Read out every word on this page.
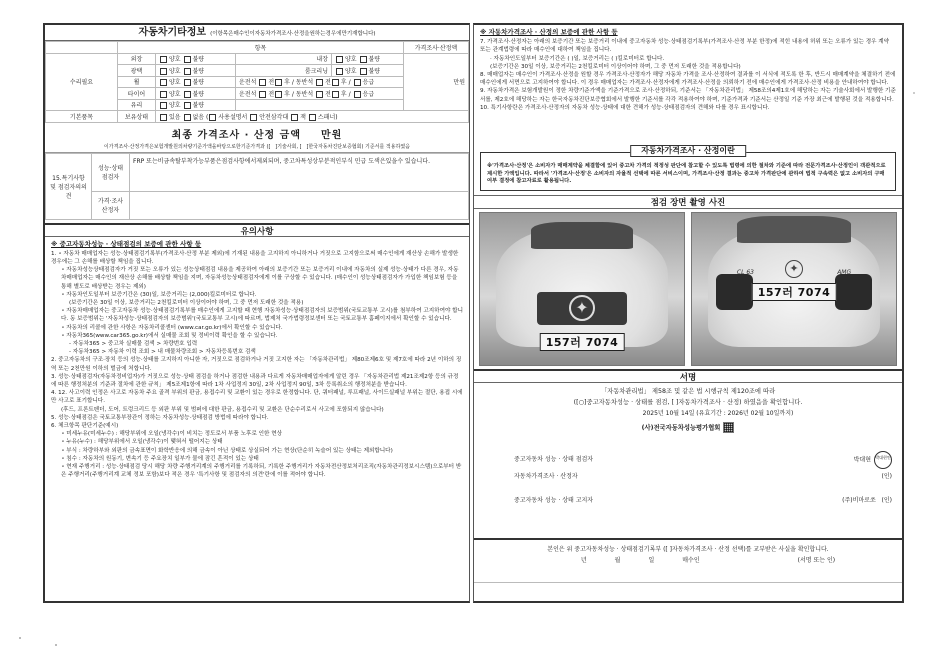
자동차기타정보 (이항목은매수인이자동차가격조사·산정을원하는경우에만기재합니다)
	항목				가격조사·산정액
수리필요	외장	양호 불량	내장	양호 불량	만원
	광택	양호 불량	룸크리닝	양호 불량	
	휠	양호 불량	운전석 전 후 / 동반석 전 후 / 응급		
	타이어	양호 불량	운전석 전 후 / 동반석 전 후 / 응급		
	유리	양호 불량			
기본품목	보유상태	있음 없음 ( 사용설명서 안전삼각대 잭 스패너)			
최종 가격조사 · 산정 금액 만원
이가격조사·산정가격은보험개발원의차량기준가액을바탕으로한기준가격과 ([ ]기술사회, [ ]한국자동차진단보증협회) 기준서를 적용하였음
15.특기사항 및 점검자의의견	성능·상태 점검자	FRP 또는비금속탈부착가능부품은점검사항에서제외되며, 중고차특성상부분적인부식 민급 도색은있을수 있습니다.
	가격·조사 산정자	
유의사항
※ 중고자동차성능 · 상태점검의 보증에 관한 사항 등

1. ∘ 자동차 매매업자는 성능·상태점검기록부(가격조사·산정 부분 제외)에 기재된 내용을 고지하지 아니하거나 거짓으로 고지함으로써 매수인에게 재산상 손해가 발생한 경우에는 그 손해를 배상할 책임을 집니다.

∘ 자동차성능상태점검자가 거짓 또는 오류가 있는 성능상태점검 내용을 제공하여 아래의 보증기간 또는 보증거리 이내에 자동차의 실제 성능·상태가 다른 경우, 자동차매매업자는 매수인의 재산상 손해를 배상할 책임을 지며, 자동차성능상태점검자에게 이를 구상할 수 있습니다. (매수인이 성능상태점검자가 가입한 책임보험 등을 통해 별도로 배상받는 경우는 제외)

∘ 자동차인도일부터 보증기간은 (30)일, 보증거리는 (2,000)킬로미터로 합니다.

(보증기간은 30일 이상, 보증거리는 2천킬로미터 이상이어야 하며, 그 중 먼저 도래한 것을 적용)

∘ 자동차매매업자는 중고자동차 성능·상태점검기록부를 매수인에게 고지할 때 현행 자동차성능·상태점검자의 보증범위(국토교통부 고시)를 첨부하여 고지하여야 합니다. 동 보증범위는 '자동차성능·상태점검자의 보증범위'(국토교통부 고시)에 따르며, 법제처 국가법령정보센터 또는 국토교통부 홈페이지에서 확인할 수 있습니다.

∘ 자동차의 리콜에 관한 사항은 자동차리콜센터 (www.car.go.kr)에서 확인할 수 있습니다.

∘ 자동차365(www.car365.go.kr)에서 실매물 조회 및 정비이력 확인을 할 수 있습니다.

- 자동차365 > 중고차 실매물 검색 > 차량번호 입력

- 자동차365 > 자동차 이력 조회 > 내 매물차량조회 > 자동차등록번호 검색

2. 중고자동차의 구조·장치 등의 성능·상태를 고지하지 아니한 자, 거짓으로 점검하거나 거짓 고지한 자는 「자동차관리법」 제80조제6호 및 제7호에 따라 2년 이하의 징역 또는 2천만원 이하의 벌금에 처합니다.

3. 성능·상태점검자(자동차정비업자)가 거짓으로 성능·상태 점검을 하거나 점검한 내용과 다르게 자동차매매업자에게 알린 경우 「자동차관리법 제21조제2항 등의 규정에 따른 행정처분의 기준과 절차에 관한 규칙」 제5조제1항에 따라 1차 사업정지 30일, 2차 사업정지 90일, 3차 등록취소의 행정처분을 받습니다.

4. 12. 사고이력 인정은 사고로 자동차 주요 골격 부위의 판금, 용접수리 및 교환이 있는 경우로 한정합니다. 단, 쿼터패널, 루프패널, 사이드실패널 부위는 절단, 용접 시에만 사고로 표기합니다.

(후드, 프론트펜더, 도어, 트렁크리드 등 외판 부위 및 범퍼에 대한 판금, 용접수리 및 교환은 단순수리로서 사고에 포함되지 않습니다)

5. 성능·상태점검은 국토교통부장관이 정하는 자동차성능·상태점검 방법에 따라야 합니다.

6. 체크항목 판단기준(예시)

∘ 미세누유(미세누수) : 해당부위에 오일(냉각수)이 비치는 정도로서 부품 노후로 인한 현상

∘ 누유(누수) : 해당부위에서 오일(냉각수)이 맺혀서 떨어지는 상태

∘ 부식 : 차량하부와 외판의 금속표면이 화학반응에 의해 금속이 아닌 상태로 상실되어 가는 현상(단순히 녹슬어 있는 상태는 제외합니다)

∘ 침수 : 자동차의 원동기, 변속기 등 주요장치 일부가 물에 잠긴 흔적이 있는 상태

∘ 현재 주행거리 : 성능·상태점검 당시 해당 차량 주행거리계의 주행거리를 기록하되, 기록한 주행거리가 자동차전산정보처리조직(자동차관리정보시스템)으로부터 받은 주행거리(주행거리계 교체 정보 포함)보다 적은 경우 '특기사항 및 점검자의 의견'란에 이를 적어야 합니다.

※ 자동차가격조사 · 산정의 보증에 관한 사항 등

7. 가격조사·산정자는 아래의 보증기간 또는 보증거리 이내에 중고자동차 성능·상태점검기록부(가격조사·산정 부분 한정)에 적힌 내용에 허위 또는 오류가 있는 경우 계약 또는 관계법령에 따라 매수인에 대하여 책임을 집니다.

· 자동차인도일부터 보증기간은 ( )일, 보증거리는 ( )킬로미터로 합니다.

(보증기간은 30일 이상, 보증거리는 2천킬로미터 이상이어야 하며, 그 중 먼저 도래한 것을 적용합니다)

8. 매매업자는 매수인이 가격조사·산정을 원할 경우 가격조사·산정자가 해당 자동차 가격을 조사·산정하여 결과를 이 서식에 적도록 한 후, 반드시 매매계약을 체결하기 전에 매수인에게 서면으로 고지하여야 합니다. 이 경우 매매업자는 가격조사·산정자에게 가격조사·산정을 의뢰하기 전에 매수인에게 가격조사·산정 비용을 안내하여야 합니다.

9. 자동차가격은 보험개발원이 정한 차량기준가액을 기준가격으로 조사·산정하되, 기준서는 「자동차관리법」 제58조의4제1호에 해당하는 자는 기술사회에서 발행한 기준서를, 제2호에 해당하는 자는 한국자동차진단보증협회에서 발행한 기준서를 각각 적용하여야 하며, 기준가격과 기준서는 산정일 기준 가장 최근에 발행된 것을 적용합니다.

10. 특기사항란은 가격조사·산정자의 자동차 성능·상태에 대한 견해가 성능·상태점검자의 견해와 다를 경우 표시합니다.

자동차가격조사 · 산정이란

※'가격조사·산정'은 소비자가 매매계약을 체결함에 있어 중고차 가격의 적정성 판단에 참고할 수 있도록 법령에 의한 절차와 기준에 따라 전문가격조사·산정인이 객관적으로 제시한 가액입니다. 따라서 '가격조사·산정'은 소비자의 자율적 선택에 따른 서비스이며, 가격조사·산정 결과는 중고차 가격판단에 관하여 법적 구속력은 없고 소비자의 구매여부 결정에 참고자료로 활용됩니다.

점검 장면 촬영 사진
✦
157러 7074
✦
CL 63	AMG
157러 7074
서명
「자동차관리법」 제58조 및 같은 법 시행규칙 제120조에 따라
([○]중고자동차성능 · 상태를 점검, [ ]자동차가격조사 · 산정) 하였음을 확인합니다.
2025년 10월 14일 (유효기간 : 2026년 02월 10일까지)
(사)전국자동차성능평가협회
중고자동차 성능 · 상태 점검자	박대현 박대현인
자동차가격조사 · 산정자	(인)
중고자동차 성능 · 상태 고지자	(주)비마로쏘 (인)
본인은 위 중고자동차성능 · 상태점검기록부 ([ ]자동차가격조사 · 산정 선택)를 교부받은 사실을 확인합니다.
년	월	일	매수인	(서명 또는 인)
